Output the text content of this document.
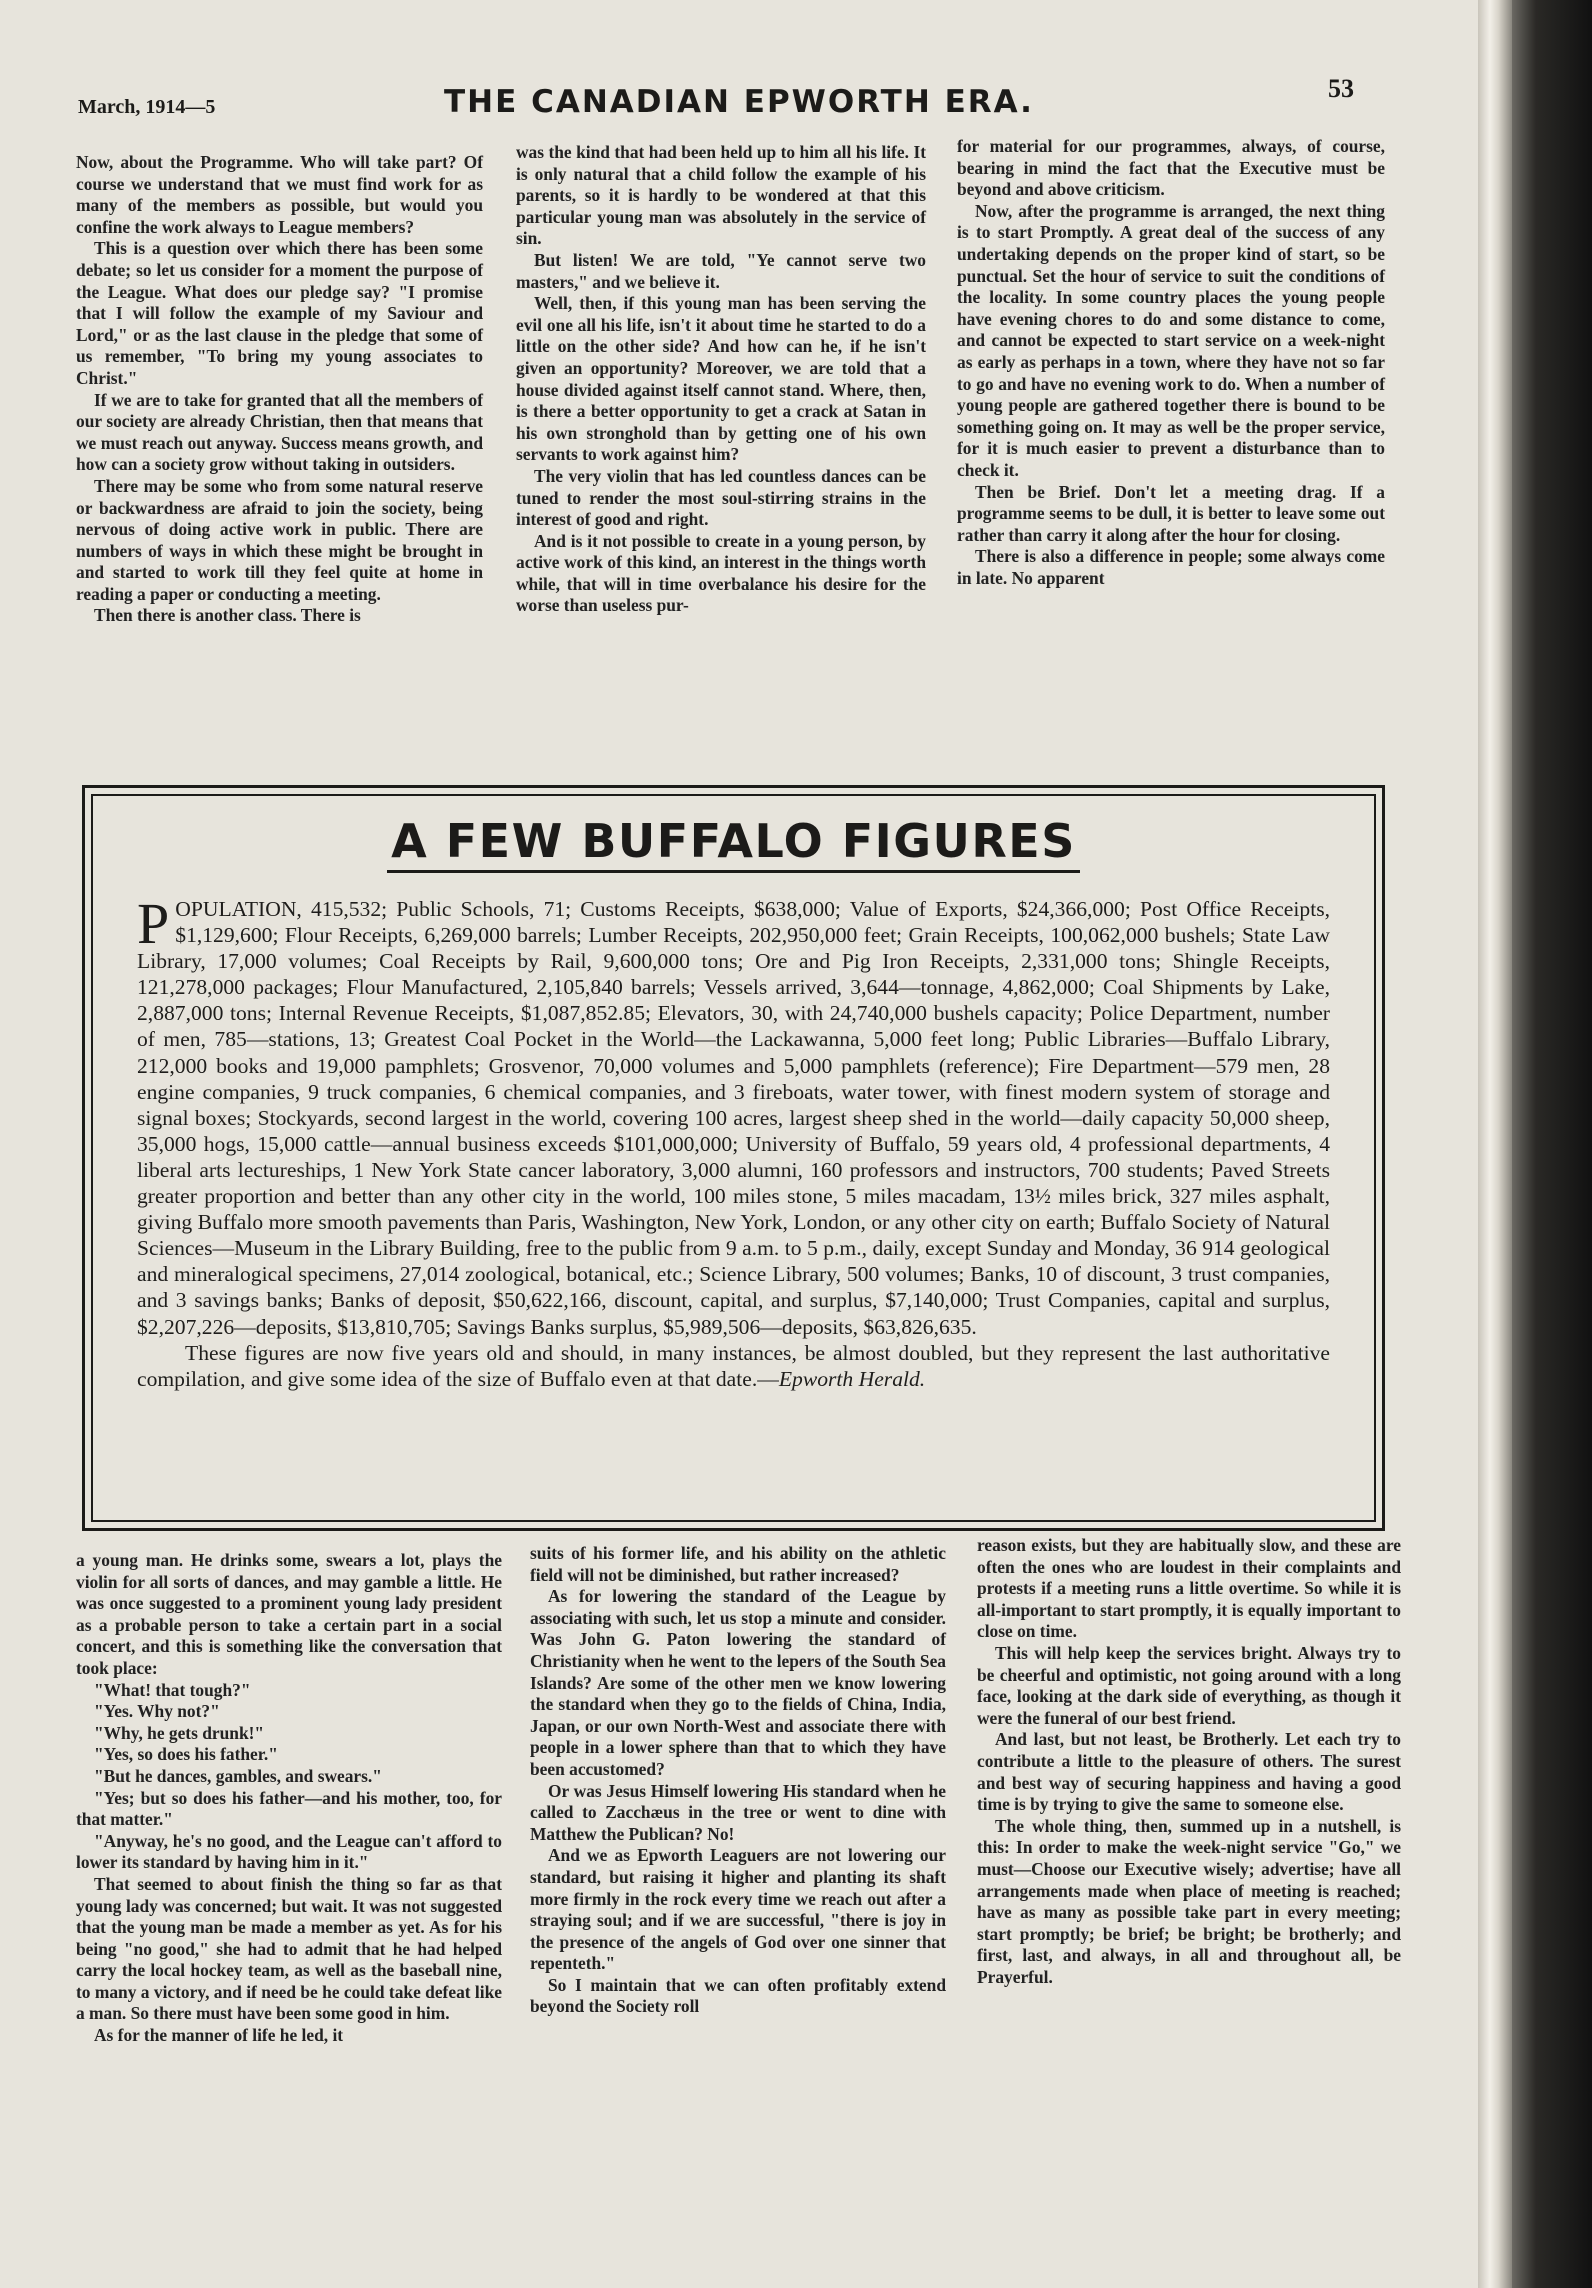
March, 1914—5	THE CANADIAN EPWORTH ERA.	53

Now, about the Programme. Who will take part? Of course we understand that we must find work for as many of the members as possible, but would you confine the work always to League members?

This is a question over which there has been some debate; so let us consider for a moment the purpose of the League. What does our pledge say? "I promise that I will follow the example of my Saviour and Lord," or as the last clause in the pledge that some of us remember, "To bring my young associates to Christ."

If we are to take for granted that all the members of our society are already Christian, then that means that we must reach out anyway. Success means growth, and how can a society grow without taking in outsiders.

There may be some who from some natural reserve or backwardness are afraid to join the society, being nervous of doing active work in public. There are numbers of ways in which these might be brought in and started to work till they feel quite at home in reading a paper or conducting a meeting.

Then there is another class. There is

was the kind that had been held up to him all his life. It is only natural that a child follow the example of his parents, so it is hardly to be wondered at that this particular young man was absolutely in the service of sin.

But listen! We are told, "Ye cannot serve two masters," and we believe it.

Well, then, if this young man has been serving the evil one all his life, isn't it about time he started to do a little on the other side? And how can he, if he isn't given an opportunity? Moreover, we are told that a house divided against itself cannot stand. Where, then, is there a better opportunity to get a crack at Satan in his own stronghold than by getting one of his own servants to work against him?

The very violin that has led countless dances can be tuned to render the most soul-stirring strains in the interest of good and right.

And is it not possible to create in a young person, by active work of this kind, an interest in the things worth while, that will in time overbalance his desire for the worse than useless pur-

for material for our programmes, always, of course, bearing in mind the fact that the Executive must be beyond and above criticism.

Now, after the programme is arranged, the next thing is to start Promptly. A great deal of the success of any undertaking depends on the proper kind of start, so be punctual. Set the hour of service to suit the conditions of the locality. In some country places the young people have evening chores to do and some distance to come, and cannot be expected to start service on a week-night as early as perhaps in a town, where they have not so far to go and have no evening work to do. When a number of young people are gathered together there is bound to be something going on. It may as well be the proper service, for it is much easier to prevent a disturbance than to check it.

Then be Brief. Don't let a meeting drag. If a programme seems to be dull, it is better to leave some out rather than carry it along after the hour for closing.

There is also a difference in people; some always come in late. No apparent

A FEW BUFFALO FIGURES

POPULATION, 415,532; Public Schools, 71; Customs Receipts, $638,000; Value of Exports, $24,366,000; Post Office Receipts, $1,129,600; Flour Receipts, 6,269,000 barrels; Lumber Receipts, 202,950,000 feet; Grain Receipts, 100,062,000 bushels; State Law Library, 17,000 volumes; Coal Receipts by Rail, 9,600,000 tons; Ore and Pig Iron Receipts, 2,331,000 tons; Shingle Receipts, 121,278,000 packages; Flour Manufactured, 2,105,840 barrels; Vessels arrived, 3,644—tonnage, 4,862,000; Coal Shipments by Lake, 2,887,000 tons; Internal Revenue Receipts, $1,087,852.85; Elevators, 30, with 24,740,000 bushels capacity; Police Department, number of men, 785—stations, 13; Greatest Coal Pocket in the World—the Lackawanna, 5,000 feet long; Public Libraries—Buffalo Library, 212,000 books and 19,000 pamphlets; Grosvenor, 70,000 volumes and 5,000 pamphlets (reference); Fire Department—579 men, 28 engine companies, 9 truck companies, 6 chemical companies, and 3 fireboats, water tower, with finest modern system of storage and signal boxes; Stockyards, second largest in the world, covering 100 acres, largest sheep shed in the world—daily capacity 50,000 sheep, 35,000 hogs, 15,000 cattle—annual business exceeds $101,000,000; University of Buffalo, 59 years old, 4 professional departments, 4 liberal arts lectureships, 1 New York State cancer laboratory, 3,000 alumni, 160 professors and instructors, 700 students; Paved Streets greater proportion and better than any other city in the world, 100 miles stone, 5 miles macadam, 13½ miles brick, 327 miles asphalt, giving Buffalo more smooth pavements than Paris, Washington, New York, London, or any other city on earth; Buffalo Society of Natural Sciences—Museum in the Library Building, free to the public from 9 a.m. to 5 p.m., daily, except Sunday and Monday, 36 914 geological and mineralogical specimens, 27,014 zoological, botanical, etc.; Science Library, 500 volumes; Banks, 10 of discount, 3 trust companies, and 3 savings banks; Banks of deposit, $50,622,166, discount, capital, and surplus, $7,140,000; Trust Companies, capital and surplus, $2,207,226—deposits, $13,810,705; Savings Banks surplus, $5,989,506—deposits, $63,826,635.

These figures are now five years old and should, in many instances, be almost doubled, but they represent the last authoritative compilation, and give some idea of the size of Buffalo even at that date.—Epworth Herald.

a young man. He drinks some, swears a lot, plays the violin for all sorts of dances, and may gamble a little. He was once suggested to a prominent young lady president as a probable person to take a certain part in a social concert, and this is something like the conversation that took place:

"What! that tough?"

"Yes. Why not?"

"Why, he gets drunk!"

"Yes, so does his father."

"But he dances, gambles, and swears."

"Yes; but so does his father—and his mother, too, for that matter."

"Anyway, he's no good, and the League can't afford to lower its standard by having him in it."

That seemed to about finish the thing so far as that young lady was concerned; but wait. It was not suggested that the young man be made a member as yet. As for his being "no good," she had to admit that he had helped carry the local hockey team, as well as the baseball nine, to many a victory, and if need be he could take defeat like a man. So there must have been some good in him.

As for the manner of life he led, it

suits of his former life, and his ability on the athletic field will not be diminished, but rather increased?

As for lowering the standard of the League by associating with such, let us stop a minute and consider. Was John G. Paton lowering the standard of Christianity when he went to the lepers of the South Sea Islands? Are some of the other men we know lowering the standard when they go to the fields of China, India, Japan, or our own North-West and associate there with people in a lower sphere than that to which they have been accustomed?

Or was Jesus Himself lowering His standard when he called to Zacchæus in the tree or went to dine with Matthew the Publican? No!

And we as Epworth Leaguers are not lowering our standard, but raising it higher and planting its shaft more firmly in the rock every time we reach out after a straying soul; and if we are successful, "there is joy in the presence of the angels of God over one sinner that repenteth."

So I maintain that we can often profitably extend beyond the Society roll

reason exists, but they are habitually slow, and these are often the ones who are loudest in their complaints and protests if a meeting runs a little overtime. So while it is all-important to start promptly, it is equally important to close on time.

This will help keep the services bright. Always try to be cheerful and optimistic, not going around with a long face, looking at the dark side of everything, as though it were the funeral of our best friend.

And last, but not least, be Brotherly. Let each try to contribute a little to the pleasure of others. The surest and best way of securing happiness and having a good time is by trying to give the same to someone else.

The whole thing, then, summed up in a nutshell, is this: In order to make the week-night service "Go," we must—Choose our Executive wisely; advertise; have all arrangements made when place of meeting is reached; have as many as possible take part in every meeting; start promptly; be brief; be bright; be brotherly; and first, last, and always, in all and throughout all, be Prayerful.
